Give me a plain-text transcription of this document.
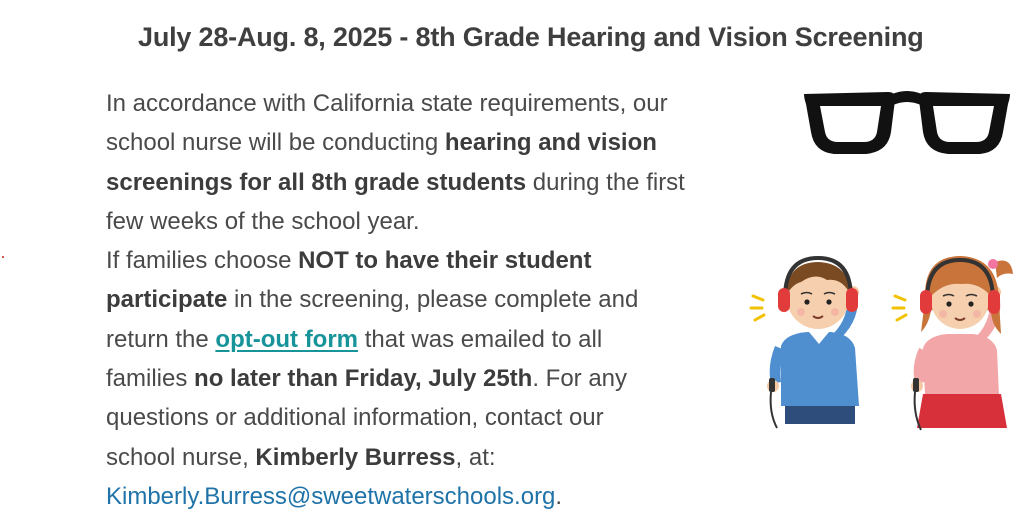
July 28-Aug. 8, 2025 - 8th Grade Hearing and Vision Screening
In accordance with California state requirements, our
school nurse will be conducting hearing and vision
screenings for all 8th grade students during the first
few weeks of the school year.
If families choose NOT to have their student
participate in the screening, please complete and
return the opt-out form that was emailed to all
families no later than Friday, July 25th. For any
questions or additional information, contact our
school nurse, Kimberly Burress, at:
Kimberly.Burress@sweetwaterschools.org.
